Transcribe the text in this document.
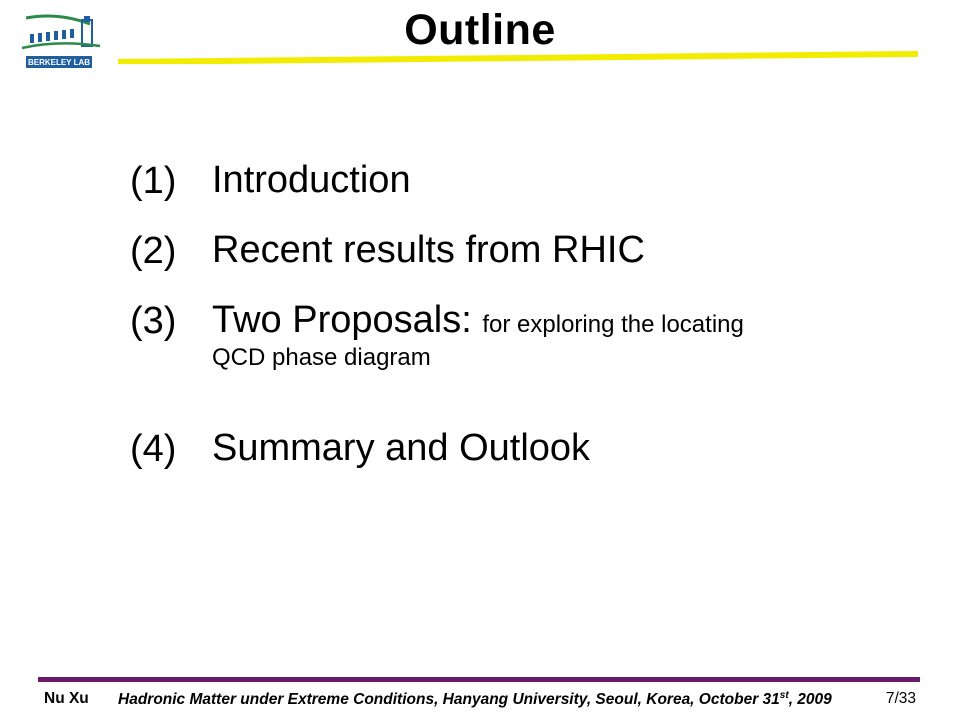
BERKELEY LAB
Outline
(1) Introduction
(2) Recent results from RHIC
(3) Two Proposals: for exploring the locating
QCD phase diagram
(4) Summary and Outlook
Nu Xu Hadronic Matter under Extreme Conditions, Hanyang University, Seoul, Korea, October 31st, 2009	7/33
